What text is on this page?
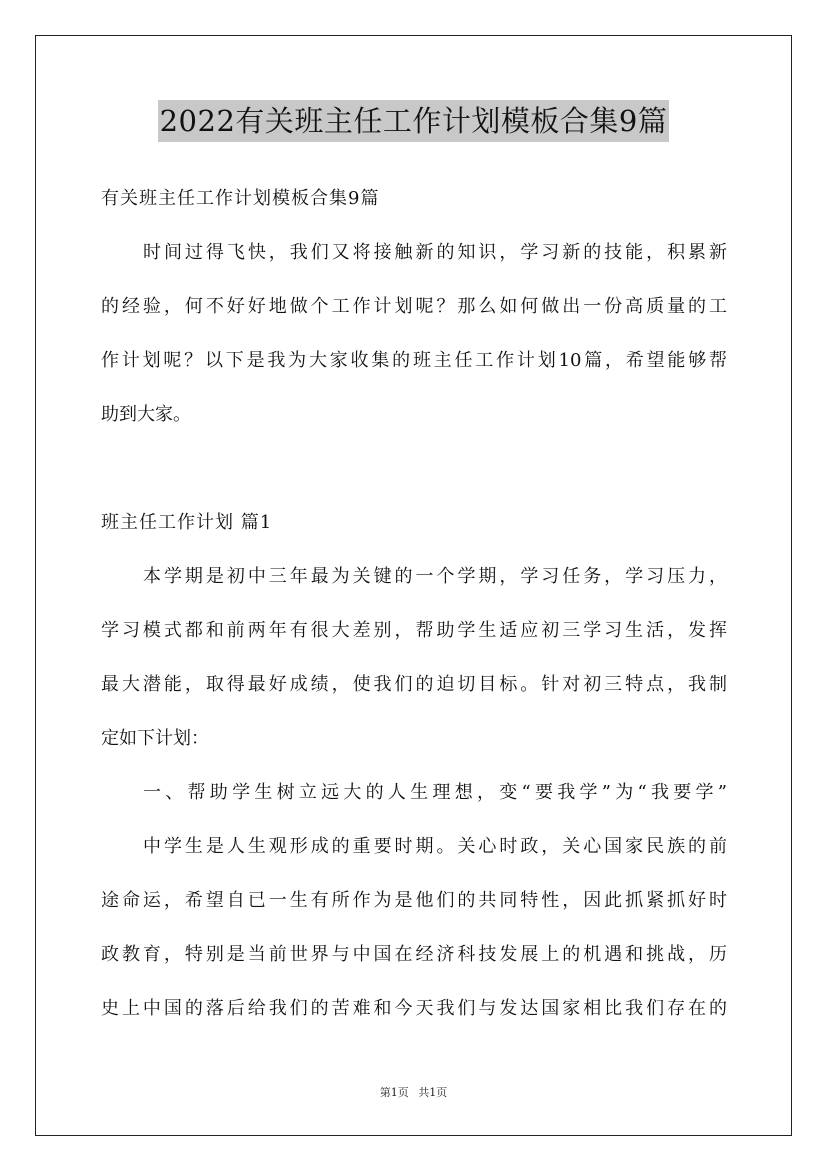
2022有关班主任工作计划模板合集9篇
有关班主任工作计划模板合集9篇
时间过得飞快，我们又将接触新的知识，学习新的技能，积累新
的经验，何不好好地做个工作计划呢？那么如何做出一份高质量的工
作计划呢？以下是我为大家收集的班主任工作计划10篇，希望能够帮
助到大家。
班主任工作计划 篇1
本学期是初中三年最为关键的一个学期，学习任务，学习压力，
学习模式都和前两年有很大差别，帮助学生适应初三学习生活，发挥
最大潜能，取得最好成绩，使我们的迫切目标。针对初三特点，我制
定如下计划：
一、帮助学生树立远大的人生理想，变“要我学”为“我要学”
中学生是人生观形成的重要时期。关心时政，关心国家民族的前
途命运，希望自已一生有所作为是他们的共同特性，因此抓紧抓好时
政教育，特别是当前世界与中国在经济科技发展上的机遇和挑战，历
史上中国的落后给我们的苦难和今天我们与发达国家相比我们存在的
第1页 共1页
